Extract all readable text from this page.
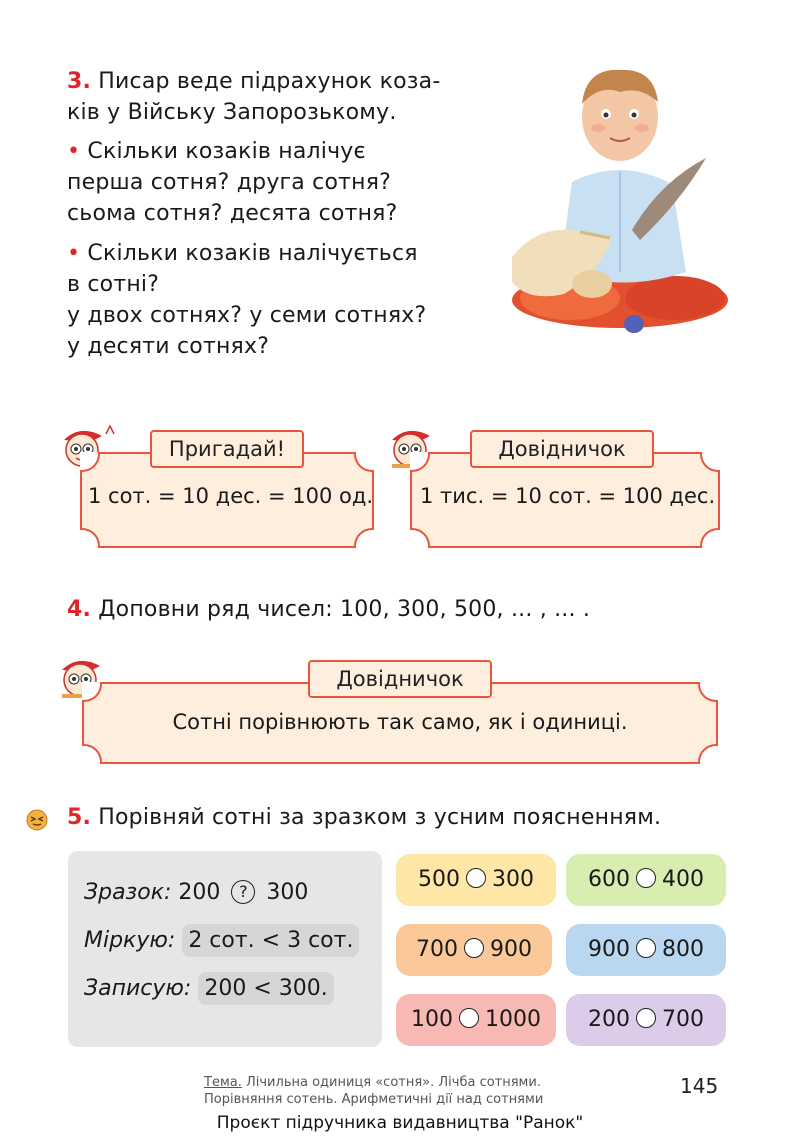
3. Писар веде підрахунок коза-
ків у Війську Запорозькому.
• Скільки козаків налічує
перша сотня? друга сотня?
сьома сотня? десята сотня?
• Скільки козаків налічується
в сотні?
у двох сотнях? у семи сотнях?
у десяти сотнях?
Пригадай!
1 сот. = 10 дес. = 100 од.
Довідничок
1 тис. = 10 сот. = 100 дес.
4. Доповни ряд чисел: 100, 300, 500, ... , ... .
Довідничок
Сотні порівнюють так само, як і одиниці.
5. Порівняй сотні за зразком з усним поясненням.
Зразок: 200 ? 300
Міркую: 2 сот. < 3 сот.
Записую: 200 < 300.
500 300	600 400
700 900	900 800
100 1000	200 700
Тема. Лічильна одиниця «сотня». Лічба сотнями.
Порівняння сотень. Арифметичні дії над сотнями
145
Проєкт підручника видавництва "Ранок"
